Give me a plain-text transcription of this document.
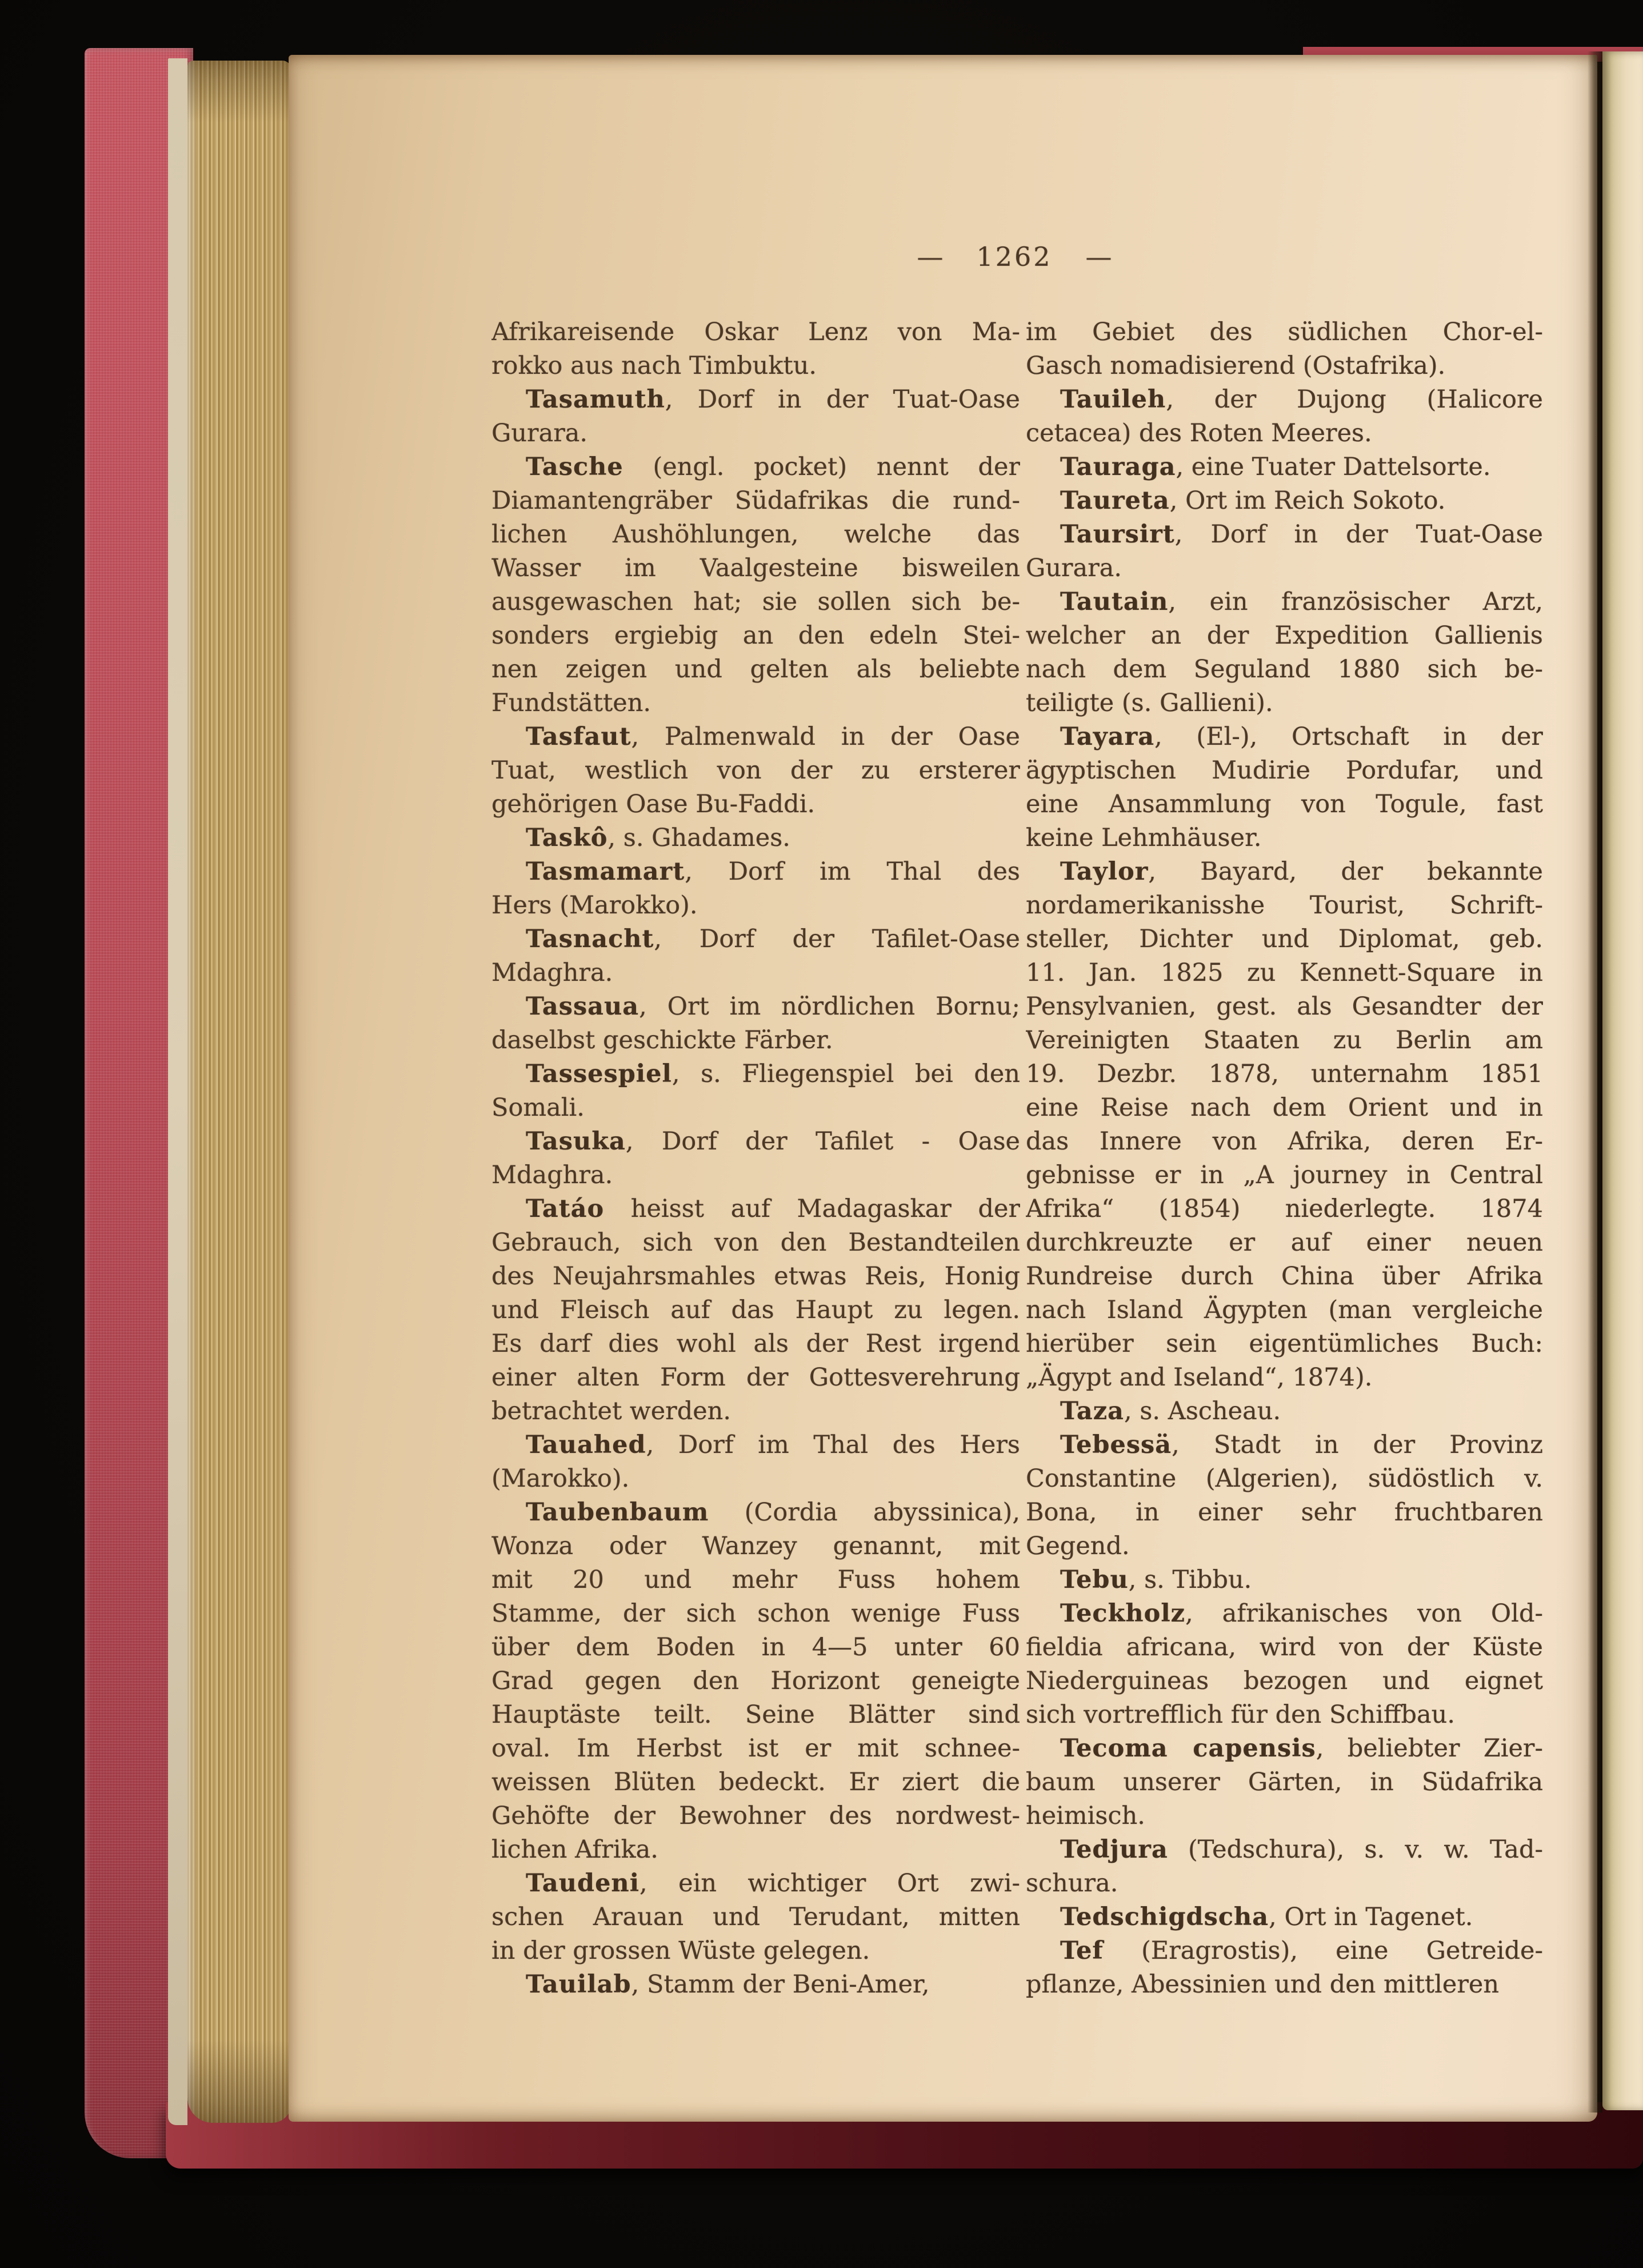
— 1262 —
Afrikareisende Oskar Lenz von Ma-
rokko aus nach Timbuktu.
Tasamuth, Dorf in der Tuat-Oase
Gurara.
Tasche (engl. pocket) nennt der
Diamantengräber Südafrikas die rund-
lichen Aushöhlungen, welche das
Wasser im Vaalgesteine bisweilen
ausgewaschen hat; sie sollen sich be-
sonders ergiebig an den edeln Stei-
nen zeigen und gelten als beliebte
Fundstätten.
Tasfaut, Palmenwald in der Oase
Tuat, westlich von der zu ersterer
gehörigen Oase Bu-Faddi.
Taskô, s. Ghadames.
Tasmamart, Dorf im Thal des
Hers (Marokko).
Tasnacht, Dorf der Tafilet-Oase
Mdaghra.
Tassaua, Ort im nördlichen Bornu;
daselbst geschickte Färber.
Tassespiel, s. Fliegenspiel bei den
Somali.
Tasuka, Dorf der Tafilet - Oase
Mdaghra.
Tatáo heisst auf Madagaskar der
Gebrauch, sich von den Bestandteilen
des Neujahrsmahles etwas Reis, Honig
und Fleisch auf das Haupt zu legen.
Es darf dies wohl als der Rest irgend
einer alten Form der Gottesverehrung
betrachtet werden.
Tauahed, Dorf im Thal des Hers
(Marokko).
Taubenbaum (Cordia abyssinica),
Wonza oder Wanzey genannt, mit
mit 20 und mehr Fuss hohem
Stamme, der sich schon wenige Fuss
über dem Boden in 4—5 unter 60
Grad gegen den Horizont geneigte
Hauptäste teilt. Seine Blätter sind
oval. Im Herbst ist er mit schnee-
weissen Blüten bedeckt. Er ziert die
Gehöfte der Bewohner des nordwest-
lichen Afrika.
Taudeni, ein wichtiger Ort zwi-
schen Arauan und Terudant, mitten
in der grossen Wüste gelegen.
Tauilab, Stamm der Beni-Amer,
im Gebiet des südlichen Chor-el-
Gasch nomadisierend (Ostafrika).
Tauileh, der Dujong (Halicore
cetacea) des Roten Meeres.
Tauraga, eine Tuater Dattelsorte.
Taureta, Ort im Reich Sokoto.
Taursirt, Dorf in der Tuat-Oase
Gurara.
Tautain, ein französischer Arzt,
welcher an der Expedition Gallienis
nach dem Seguland 1880 sich be-
teiligte (s. Gallieni).
Tayara, (El-), Ortschaft in der
ägyptischen Mudirie Pordufar, und
eine Ansammlung von Togule, fast
keine Lehmhäuser.
Taylor, Bayard, der bekannte
nordamerikanisshe Tourist, Schrift-
steller, Dichter und Diplomat, geb.
11. Jan. 1825 zu Kennett-Square in
Pensylvanien, gest. als Gesandter der
Vereinigten Staaten zu Berlin am
19. Dezbr. 1878, unternahm 1851
eine Reise nach dem Orient und in
das Innere von Afrika, deren Er-
gebnisse er in „A journey in Central
Afrika“ (1854) niederlegte. 1874
durchkreuzte er auf einer neuen
Rundreise durch China über Afrika
nach Island Ägypten (man vergleiche
hierüber sein eigentümliches Buch:
„Ägypt and Iseland“, 1874).
Taza, s. Ascheau.
Tebessä, Stadt in der Provinz
Constantine (Algerien), südöstlich v.
Bona, in einer sehr fruchtbaren
Gegend.
Tebu, s. Tibbu.
Teckholz, afrikanisches von Old-
fieldia africana, wird von der Küste
Niederguineas bezogen und eignet
sich vortrefflich für den Schiffbau.
Tecoma capensis, beliebter Zier-
baum unserer Gärten, in Südafrika
heimisch.
Tedjura (Tedschura), s. v. w. Tad-
schura.
Tedschigdscha, Ort in Tagenet.
Tef (Eragrostis), eine Getreide-
pflanze, Abessinien und den mittleren
